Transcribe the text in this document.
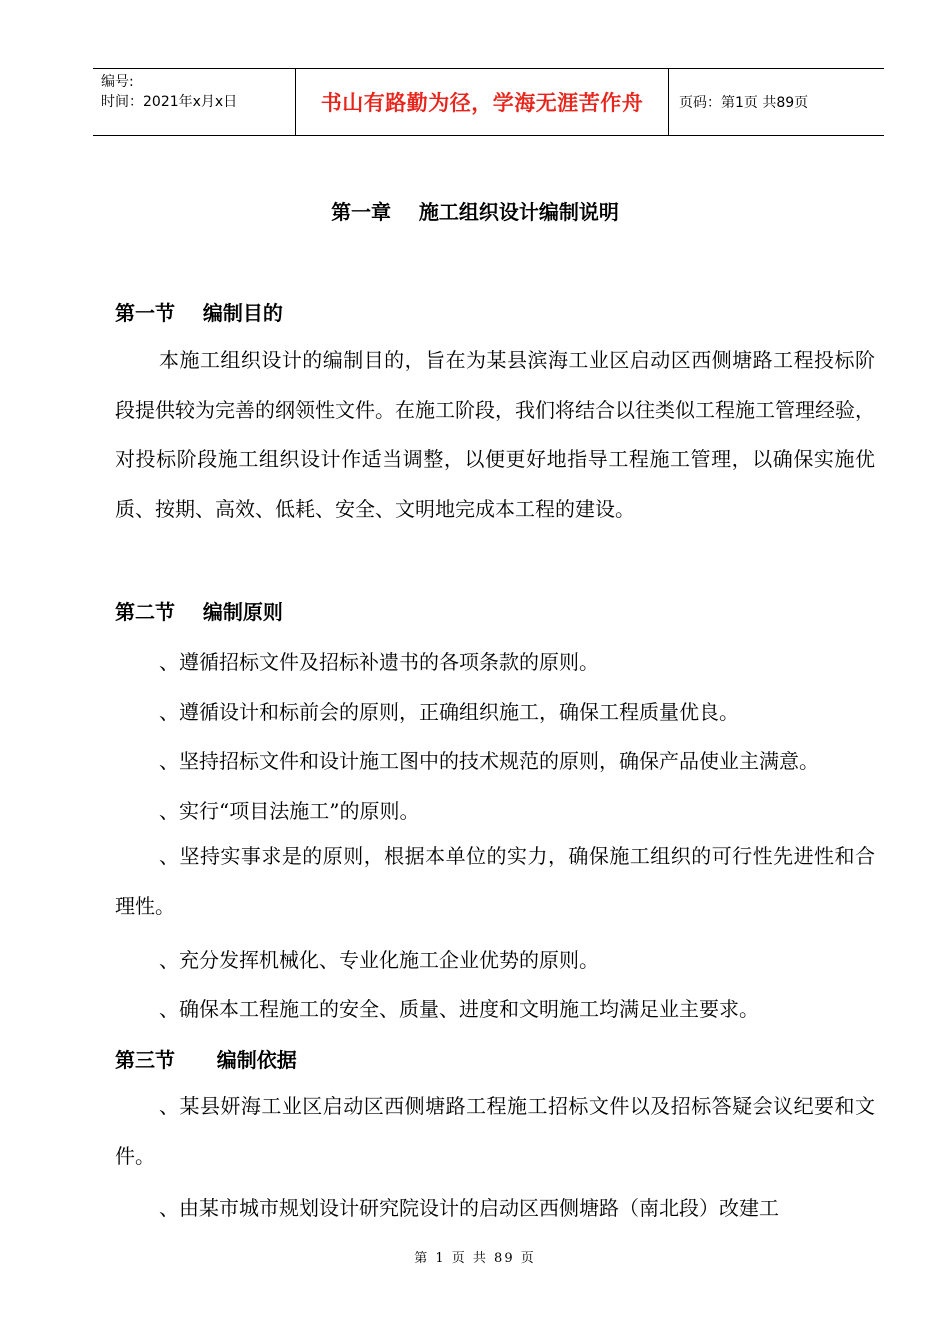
编号:
时间：2021年x月x日	书山有路勤为径，学海无涯苦作舟	页码：第1页 共89页
第一章    施工组织设计编制说明
第一节    编制目的

本施工组织设计的编制目的，旨在为某县滨海工业区启动区西侧塘路工程投标阶段提供较为完善的纲领性文件。在施工阶段，我们将结合以往类似工程施工管理经验，对投标阶段施工组织设计作适当调整，以便更好地指导工程施工管理，以确保实施优质、按期、高效、低耗、安全、文明地完成本工程的建设。

第二节    编制原则

、遵循招标文件及招标补遗书的各项条款的原则。

、遵循设计和标前会的原则，正确组织施工，确保工程质量优良。

、坚持招标文件和设计施工图中的技术规范的原则，确保产品使业主满意。

、实行“项目法施工”的原则。

、坚持实事求是的原则，根据本单位的实力，确保施工组织的可行性先进性和合理性。

、充分发挥机械化、专业化施工企业优势的原则。

、确保本工程施工的安全、质量、进度和文明施工均满足业主要求。

第三节      编制依据

、某县妍海工业区启动区西侧塘路工程施工招标文件以及招标答疑会议纪要和文件。

、由某市城市规划设计研究院设计的启动区西侧塘路（南北段）改建工

第 1 页 共 89 页
